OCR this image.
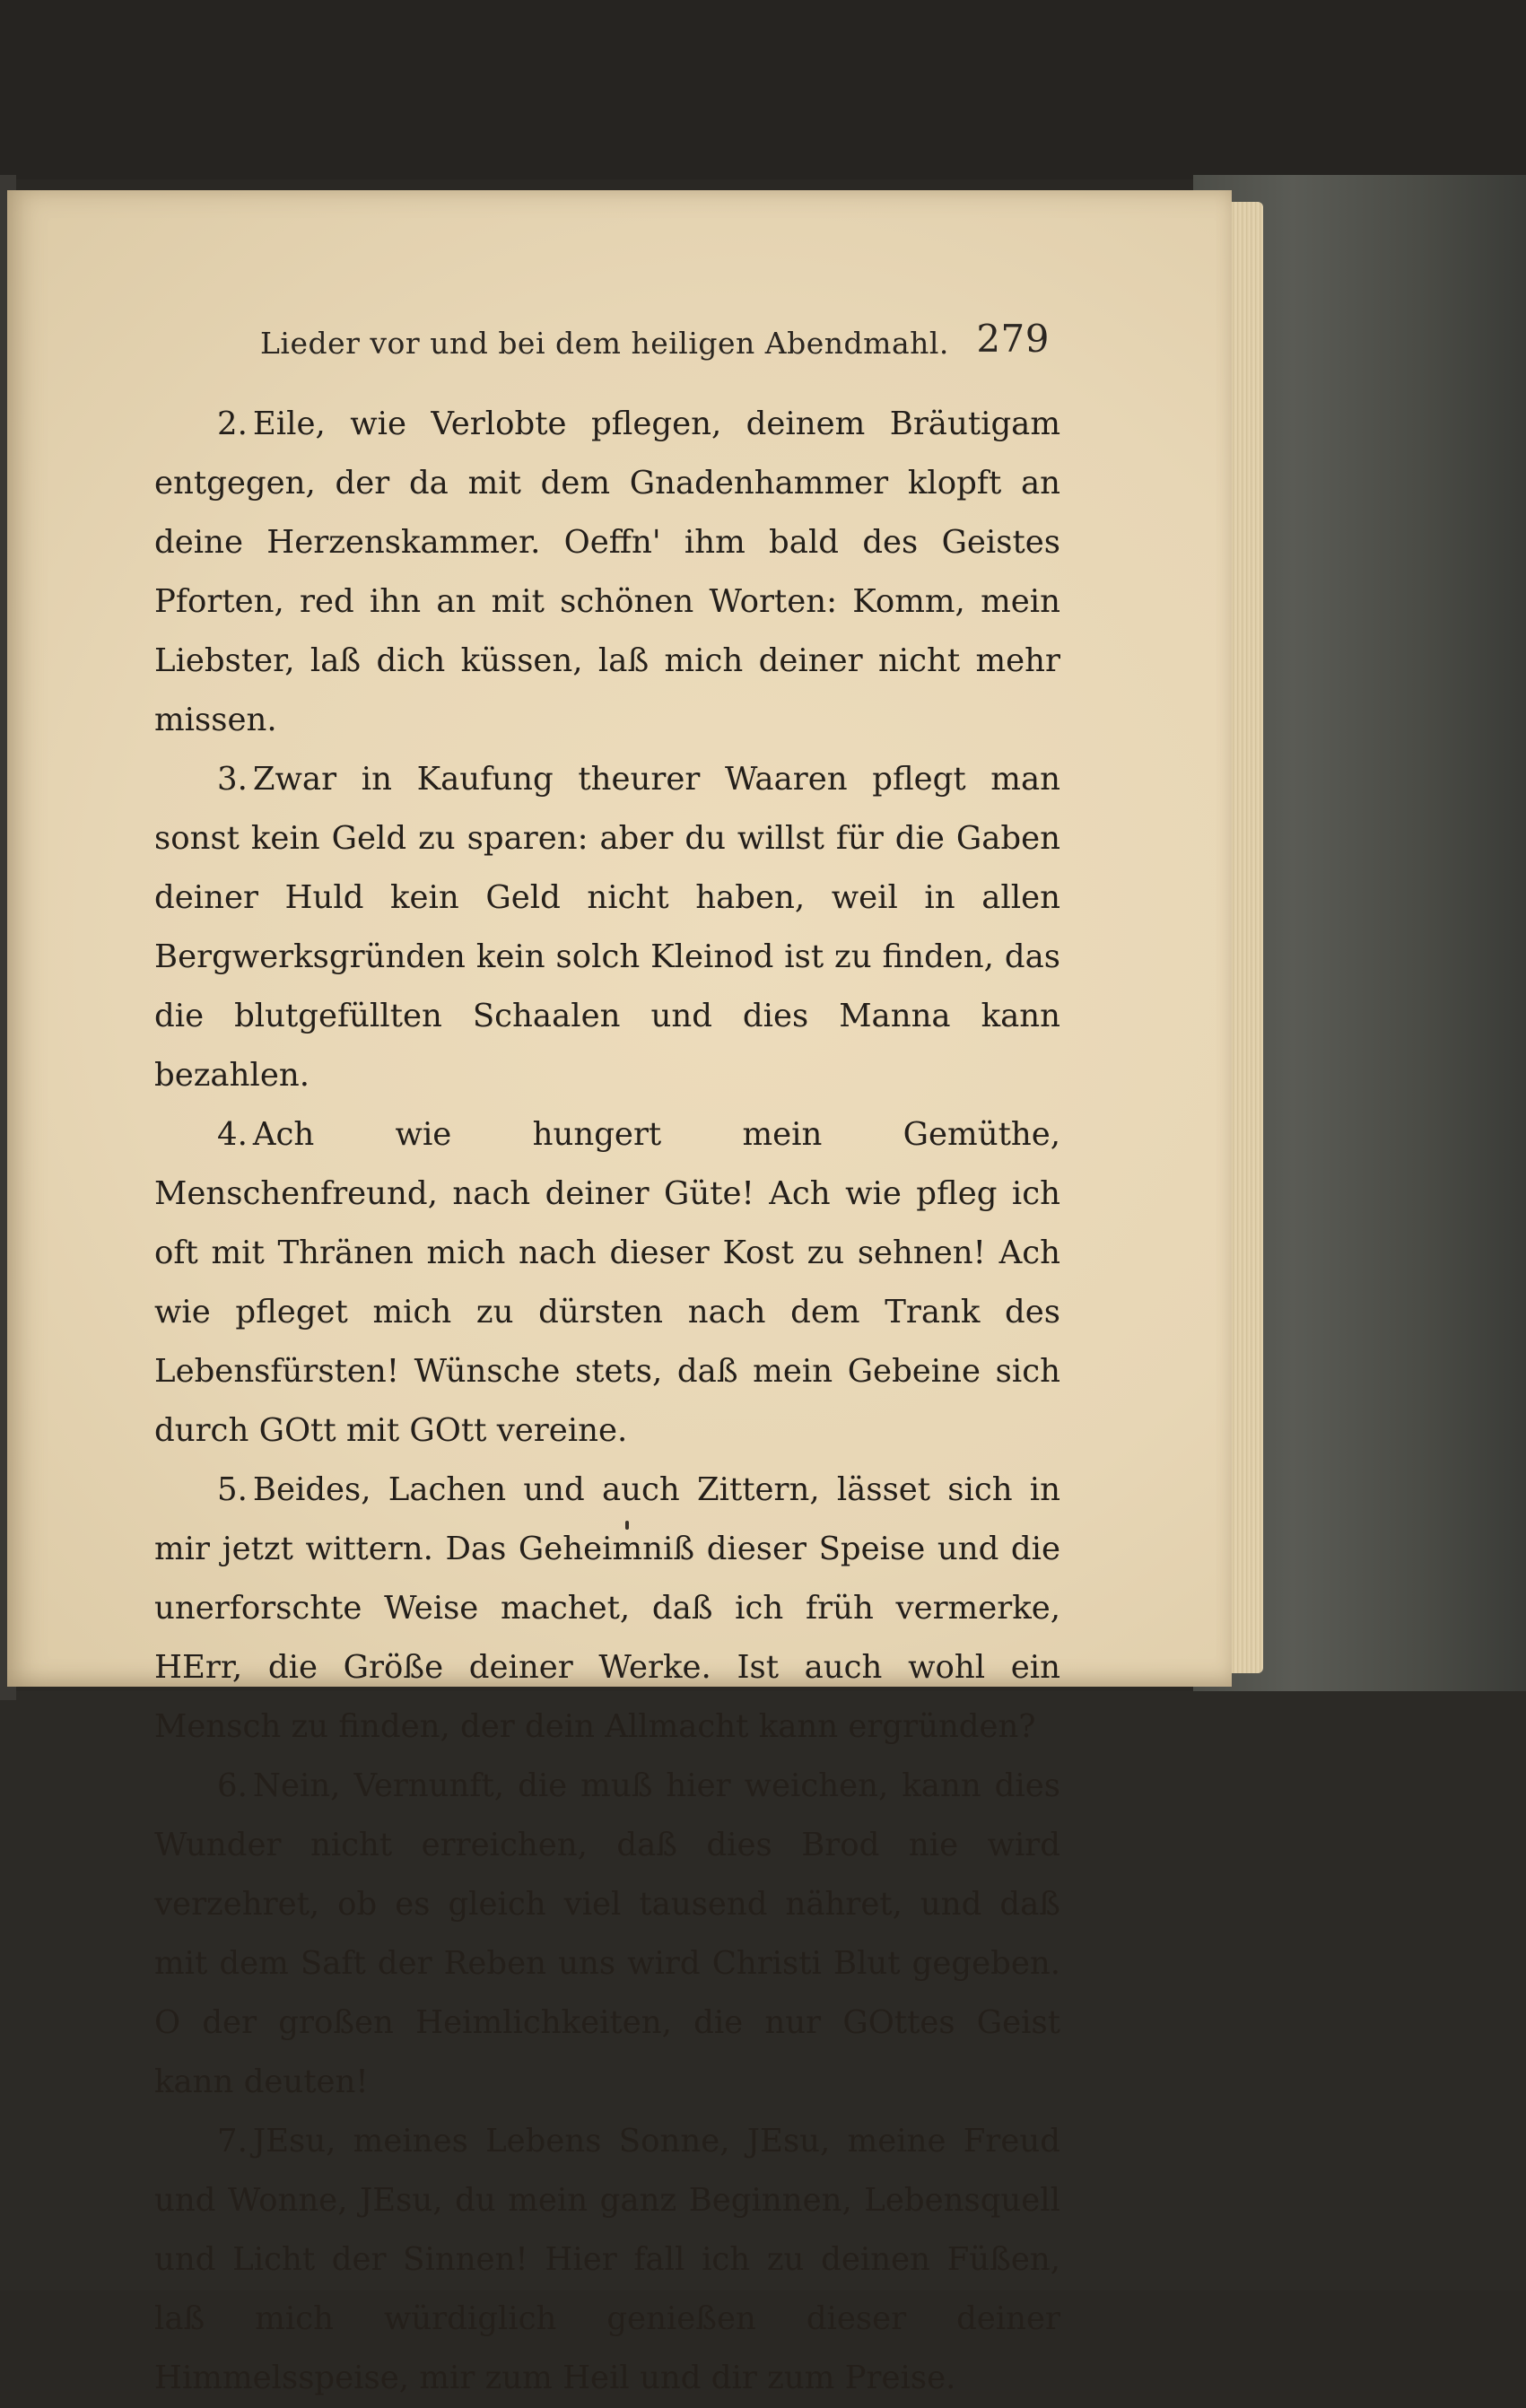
Lieder vor und bei dem heiligen Abendmahl. 279

2. Eile, wie Verlobte pflegen, deinem Bräutigam entgegen, der da mit dem Gnadenhammer klopft an deine Herzenskammer. Oeffn' ihm bald des Geistes Pforten, red ihn an mit schönen Worten: Komm, mein Liebster, laß dich küssen, laß mich deiner nicht mehr missen.

3. Zwar in Kaufung theurer Waaren pflegt man sonst kein Geld zu sparen: aber du willst für die Gaben deiner Huld kein Geld nicht haben, weil in allen Bergwerksgründen kein solch Kleinod ist zu finden, das die blutgefüllten Schaalen und dies Manna kann bezahlen.

4. Ach wie hungert mein Gemüthe, Menschenfreund, nach deiner Güte! Ach wie pfleg ich oft mit Thränen mich nach dieser Kost zu sehnen! Ach wie pfleget mich zu dürsten nach dem Trank des Lebensfürsten! Wünsche stets, daß mein Gebeine sich durch GOtt mit GOtt vereine.

5. Beides, Lachen und auch Zittern, lässet sich in mir jetzt wittern. Das Geheimniß dieser Speise und die unerforschte Weise machet, daß ich früh vermerke, HErr, die Größe deiner Werke. Ist auch wohl ein Mensch zu finden, der dein Allmacht kann ergründen?

6. Nein, Vernunft, die muß hier weichen, kann dies Wunder nicht erreichen, daß dies Brod nie wird verzehret, ob es gleich viel tausend nähret, und daß mit dem Saft der Reben uns wird Christi Blut gegeben. O der großen Heimlichkeiten, die nur GOttes Geist kann deuten!

7. JEsu, meines Lebens Sonne, JEsu, meine Freud und Wonne, JEsu, du mein ganz Beginnen, Lebensquell und Licht der Sinnen! Hier fall ich zu deinen Füßen, laß mich würdiglich genießen dieser deiner Himmelsspeise, mir zum Heil und dir zum Preise.
